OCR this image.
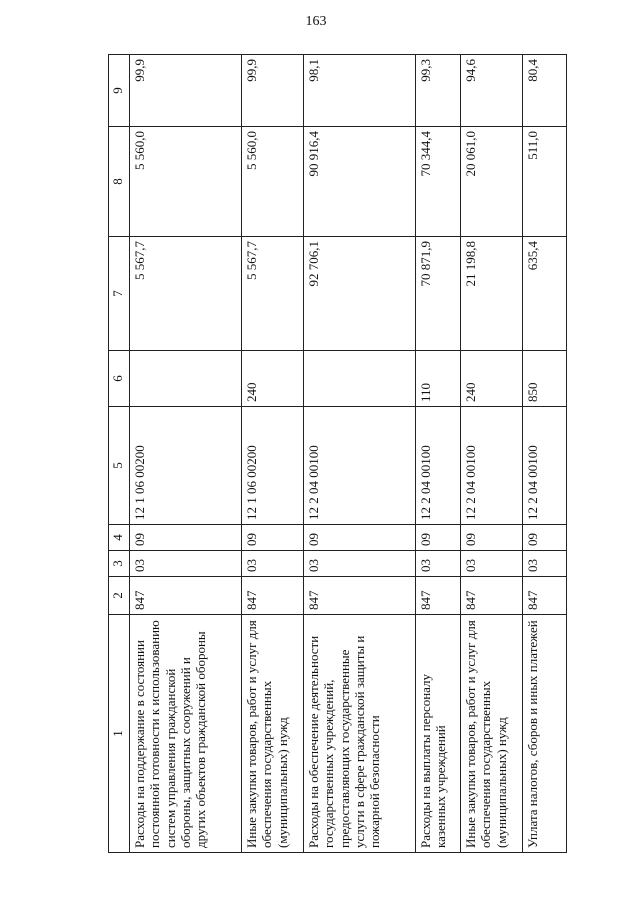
163
1	2	3	4	5	6	7	8	9
Расходы на поддержание в состоянии постоянной готовности к использованию систем управления гражданской обороны, защитных сооружений и других объектов гражданской обороны	847	03	09	12 1 06 00200		5 567,7	5 560,0	99,9
Иные закупки товаров, работ и услуг для обеспечения государственных (муниципальных) нужд	847	03	09	12 1 06 00200	240	5 567,7	5 560,0	99,9
Расходы на обеспечение деятельности государственных учреждений, предоставляющих государственные услуги в сфере гражданской защиты и пожарной безопасности	847	03	09	12 2 04 00100		92 706,1	90 916,4	98,1
Расходы на выплаты персоналу казенных учреждений	847	03	09	12 2 04 00100	110	70 871,9	70 344,4	99,3
Иные закупки товаров, работ и услуг для обеспечения государственных (муниципальных) нужд	847	03	09	12 2 04 00100	240	21 198,8	20 061,0	94,6
Уплата налогов, сборов и иных платежей	847	03	09	12 2 04 00100	850	635,4	511,0	80,4
